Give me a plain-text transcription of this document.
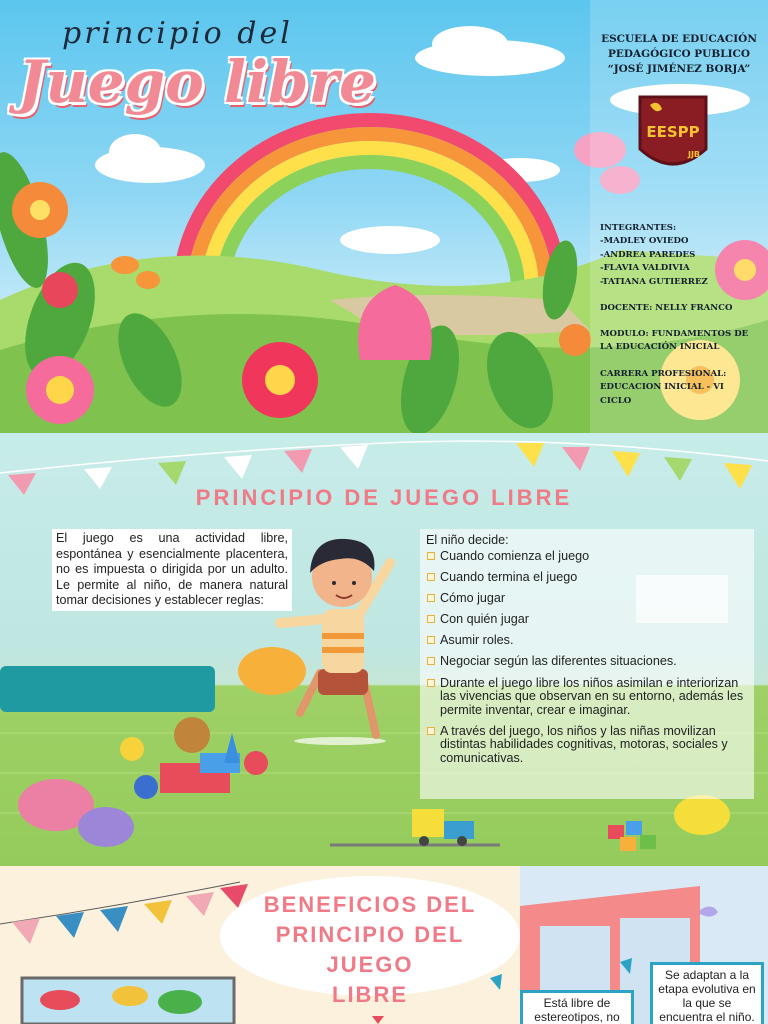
principio del
Juego libre
ESCUELA DE EDUCACIÓN
PEDAGÓGICO PUBLICO
“JOSÉ JIMÉNEZ BORJA”
EESPP
JJB
INTEGRANTES:
-MADLEY OVIEDO
-ANDREA PAREDES
-FLAVIA VALDIVIA
-TATIANA GUTIERREZ
DOCENTE: NELLY FRANCO
MODULO: FUNDAMENTOS DE
LA EDUCACIÓN INICIAL
CARRERA PROFESIONAL:
EDUCACION INICIAL - VI
CICLO
PRINCIPIO DE JUEGO LIBRE
El juego es una actividad libre, espontánea y esencialmente placentera, no es impuesta o dirigida por un adulto. Le permite al niño, de manera natural tomar decisiones y establecer reglas:
El niño decide:
Cuando comienza el juego
Cuando termina el juego
Cómo jugar
Con quién jugar
Asumir roles.
Negociar según las diferentes situaciones.
Durante el juego libre los niños asimilan e interiorizan las vivencias que observan en su entorno, además les permite inventar, crear e imaginar.
A través del juego, los niños y las niñas movilizan distintas habilidades cognitivas, motoras, sociales y comunicativas.
BENEFICIOS DEL
PRINCIPIO DEL JUEGO
LIBRE
Se adaptan a la etapa evolutiva en la que se encuentra el niño.
Está libre de estereotipos, no
